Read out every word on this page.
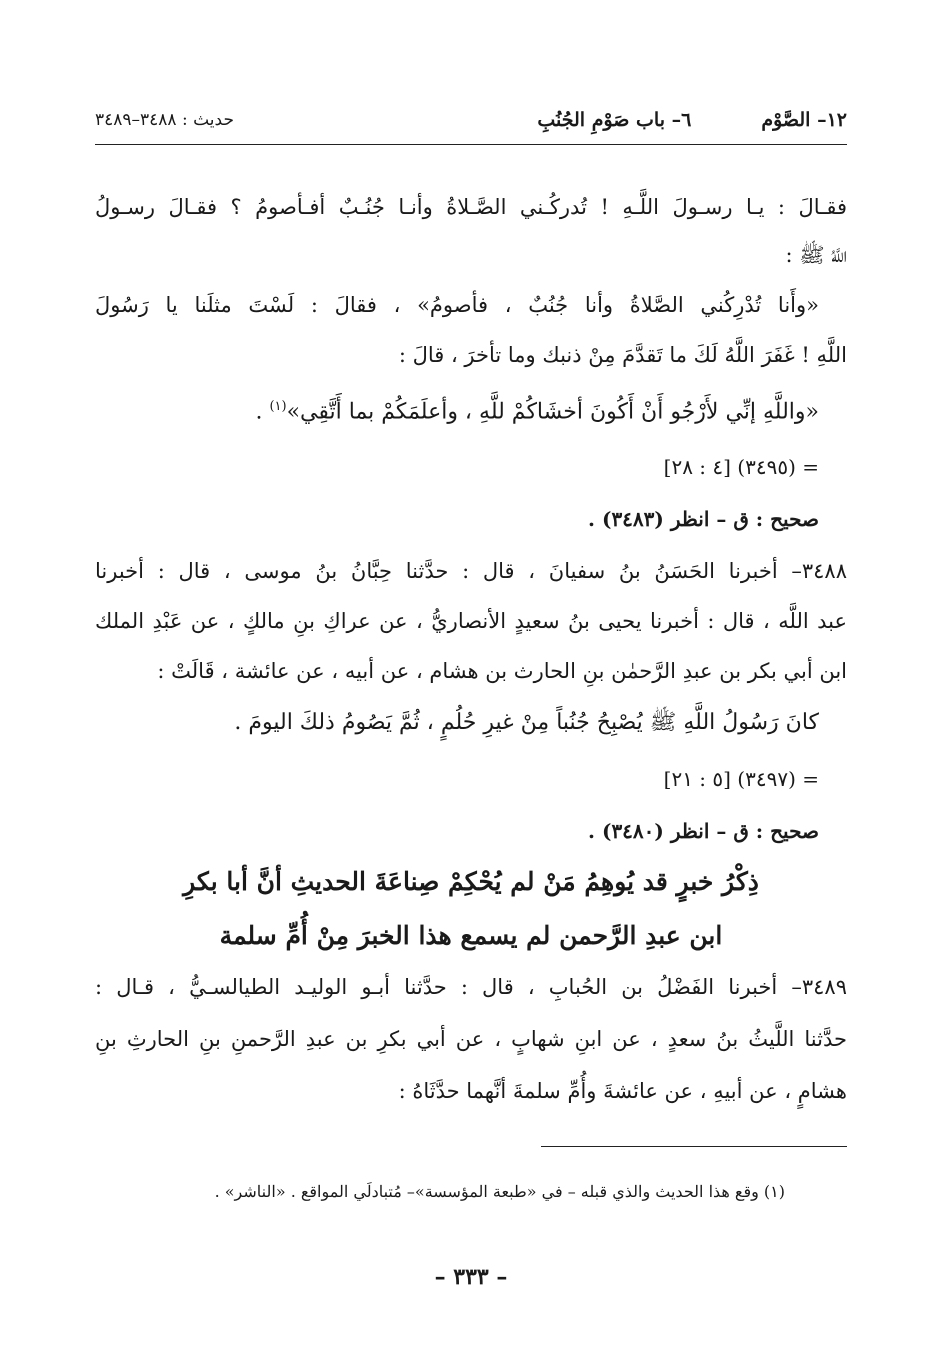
١٢– الصَّوْم
٦– باب صَوْمِ الجُنُبِ
حديث : ٣٤٨٨–٣٤٨٩
فقـالَ : يـا رسـولَ اللَّـهِ ! تُدركُـني الصَّـلاةُ وأنـا جُنُـبٌ أفـأصومُ ؟ فقـالَ رسـولُ
اللَّهُ ﷺ :
«وأَنا تُدْرِكُني الصَّلاةُ وأنا جُنُبٌ ، فأصومُ» ، فقالَ : لَسْتَ مثلَنا يا رَسُولَ
اللَّهِ ! غَفَرَ اللَّهُ لَكَ ما تَقدَّمَ مِنْ ذنبك وما تأخرَ ، قالَ :
«واللَّهِ إنِّي لأَرْجُو أَنْ أَكُونَ أخشَاكُمْ للَّهِ ، وأعلَمَكُمْ بما أَتَّقِي»$^{(١)}$ .
= (٣٤٩٥) [٤ : ٢٨]
صحيح : ق – انظر (٣٤٨٣) .
٣٤٨٨– أخبرنا الحَسَنُ بنُ سفيانَ ، قال : حدَّثنا حِبَّانُ بنُ موسى ، قال : أخبرنا
عبد اللَّه ، قال : أخبرنا يحيى بنُ سعيدٍ الأنصاريُّ ، عن عراكِ بنِ مالكٍ ، عن عَبْدِ الملك
ابن أبي بكر بن عبدِ الرَّحمٰن بنِ الحارث بن هشام ، عن أبيه ، عن عائشة ، قَالَتْ :
كانَ رَسُولُ اللَّهِ ﷺ يُصْبِحُ جُنُباً مِنْ غيرِ حُلُمٍ ، ثُمَّ يَصُومُ ذلكَ اليومَ .
= (٣٤٩٧) [٥ : ٢١]
صحيح : ق – انظر (٣٤٨٠) .
ذِكْرُ خبرٍ قد يُوهِمُ مَنْ لم يُحْكِمْ صِناعَةَ الحديثِ أنَّ أبا بكرِ
ابن عبدِ الرَّحمن لم يسمع هذا الخبرَ مِنْ أُمِّ سلمة
٣٤٨٩– أخبرنا الفَضْلُ بن الحُبابِ ، قال : حدَّثنا أبـو الوليـد الطيالسـيُّ ، قـال :
حدَّثنا اللَّيثُ بنُ سعدٍ ، عن ابنِ شهابٍ ، عن أبي بكرِ بن عبدِ الرَّحمنِ بنِ الحارثِ بنِ
هشامٍ ، عن أبيهِ ، عن عائشةَ وأُمِّ سلمةَ أنَّهما حدَّثَاهُ :
(١) وقع هذا الحديث والذي قبله – في «طبعة المؤسسة»– مُتبادلَي المواقع . «الناشر» .
– ٣٣٣ –
